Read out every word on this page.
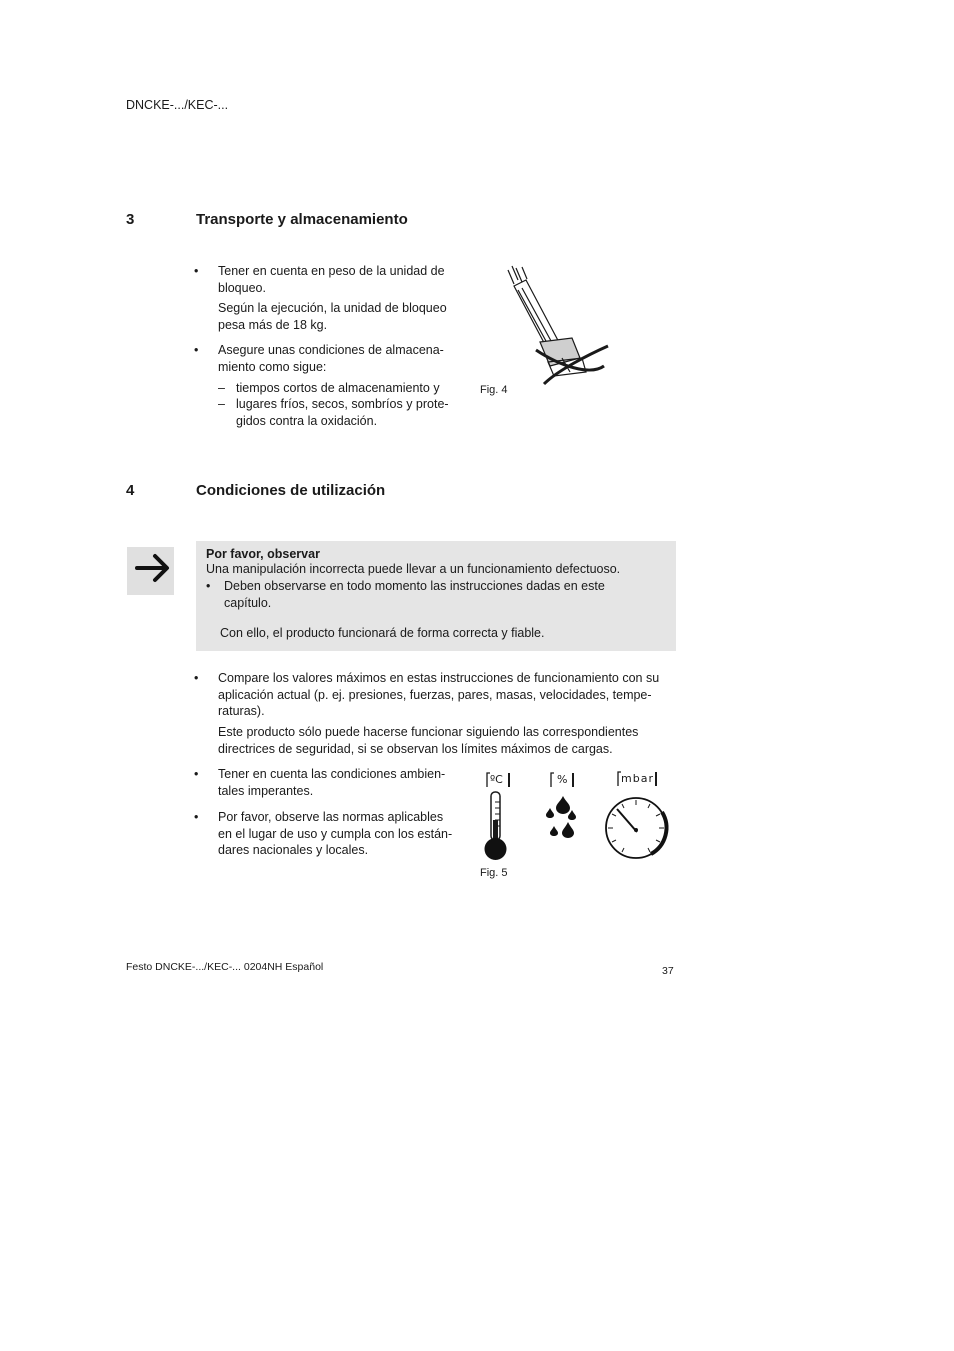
DNCKE-.../KEC-...
3	Transporte y almacenamiento
• Tener en cuenta en peso de la unidad de
bloqueo.
Según la ejecución, la unidad de bloqueo
pesa más de 18 kg.
• Asegure unas condiciones de almacena-
miento como sigue:
– tiempos cortos de almacenamiento y
– lugares fríos, secos, sombríos y prote-
gidos contra la oxidación.
Fig. 4
4	Condiciones de utilización
Por favor, observar
Una manipulación incorrecta puede llevar a un funcionamiento defectuoso.
• Deben observarse en todo momento las instrucciones dadas en este
capítulo.
Con ello, el producto funcionará de forma correcta y fiable.
• Compare los valores máximos en estas instrucciones de funcionamiento con su
aplicación actual (p. ej. presiones, fuerzas, pares, masas, velocidades, tempe-
raturas).
Este producto sólo puede hacerse funcionar siguiendo las correspondientes
directrices de seguridad, si se observan los límites máximos de cargas.
• Tener en cuenta las condiciones ambien-
tales imperantes.
• Por favor, observe las normas aplicables
en el lugar de uso y cumpla con los están-
dares nacionales y locales.
ºC	%	mbar
Fig. 5
Festo DNCKE-.../KEC-... 0204NH Español	37
